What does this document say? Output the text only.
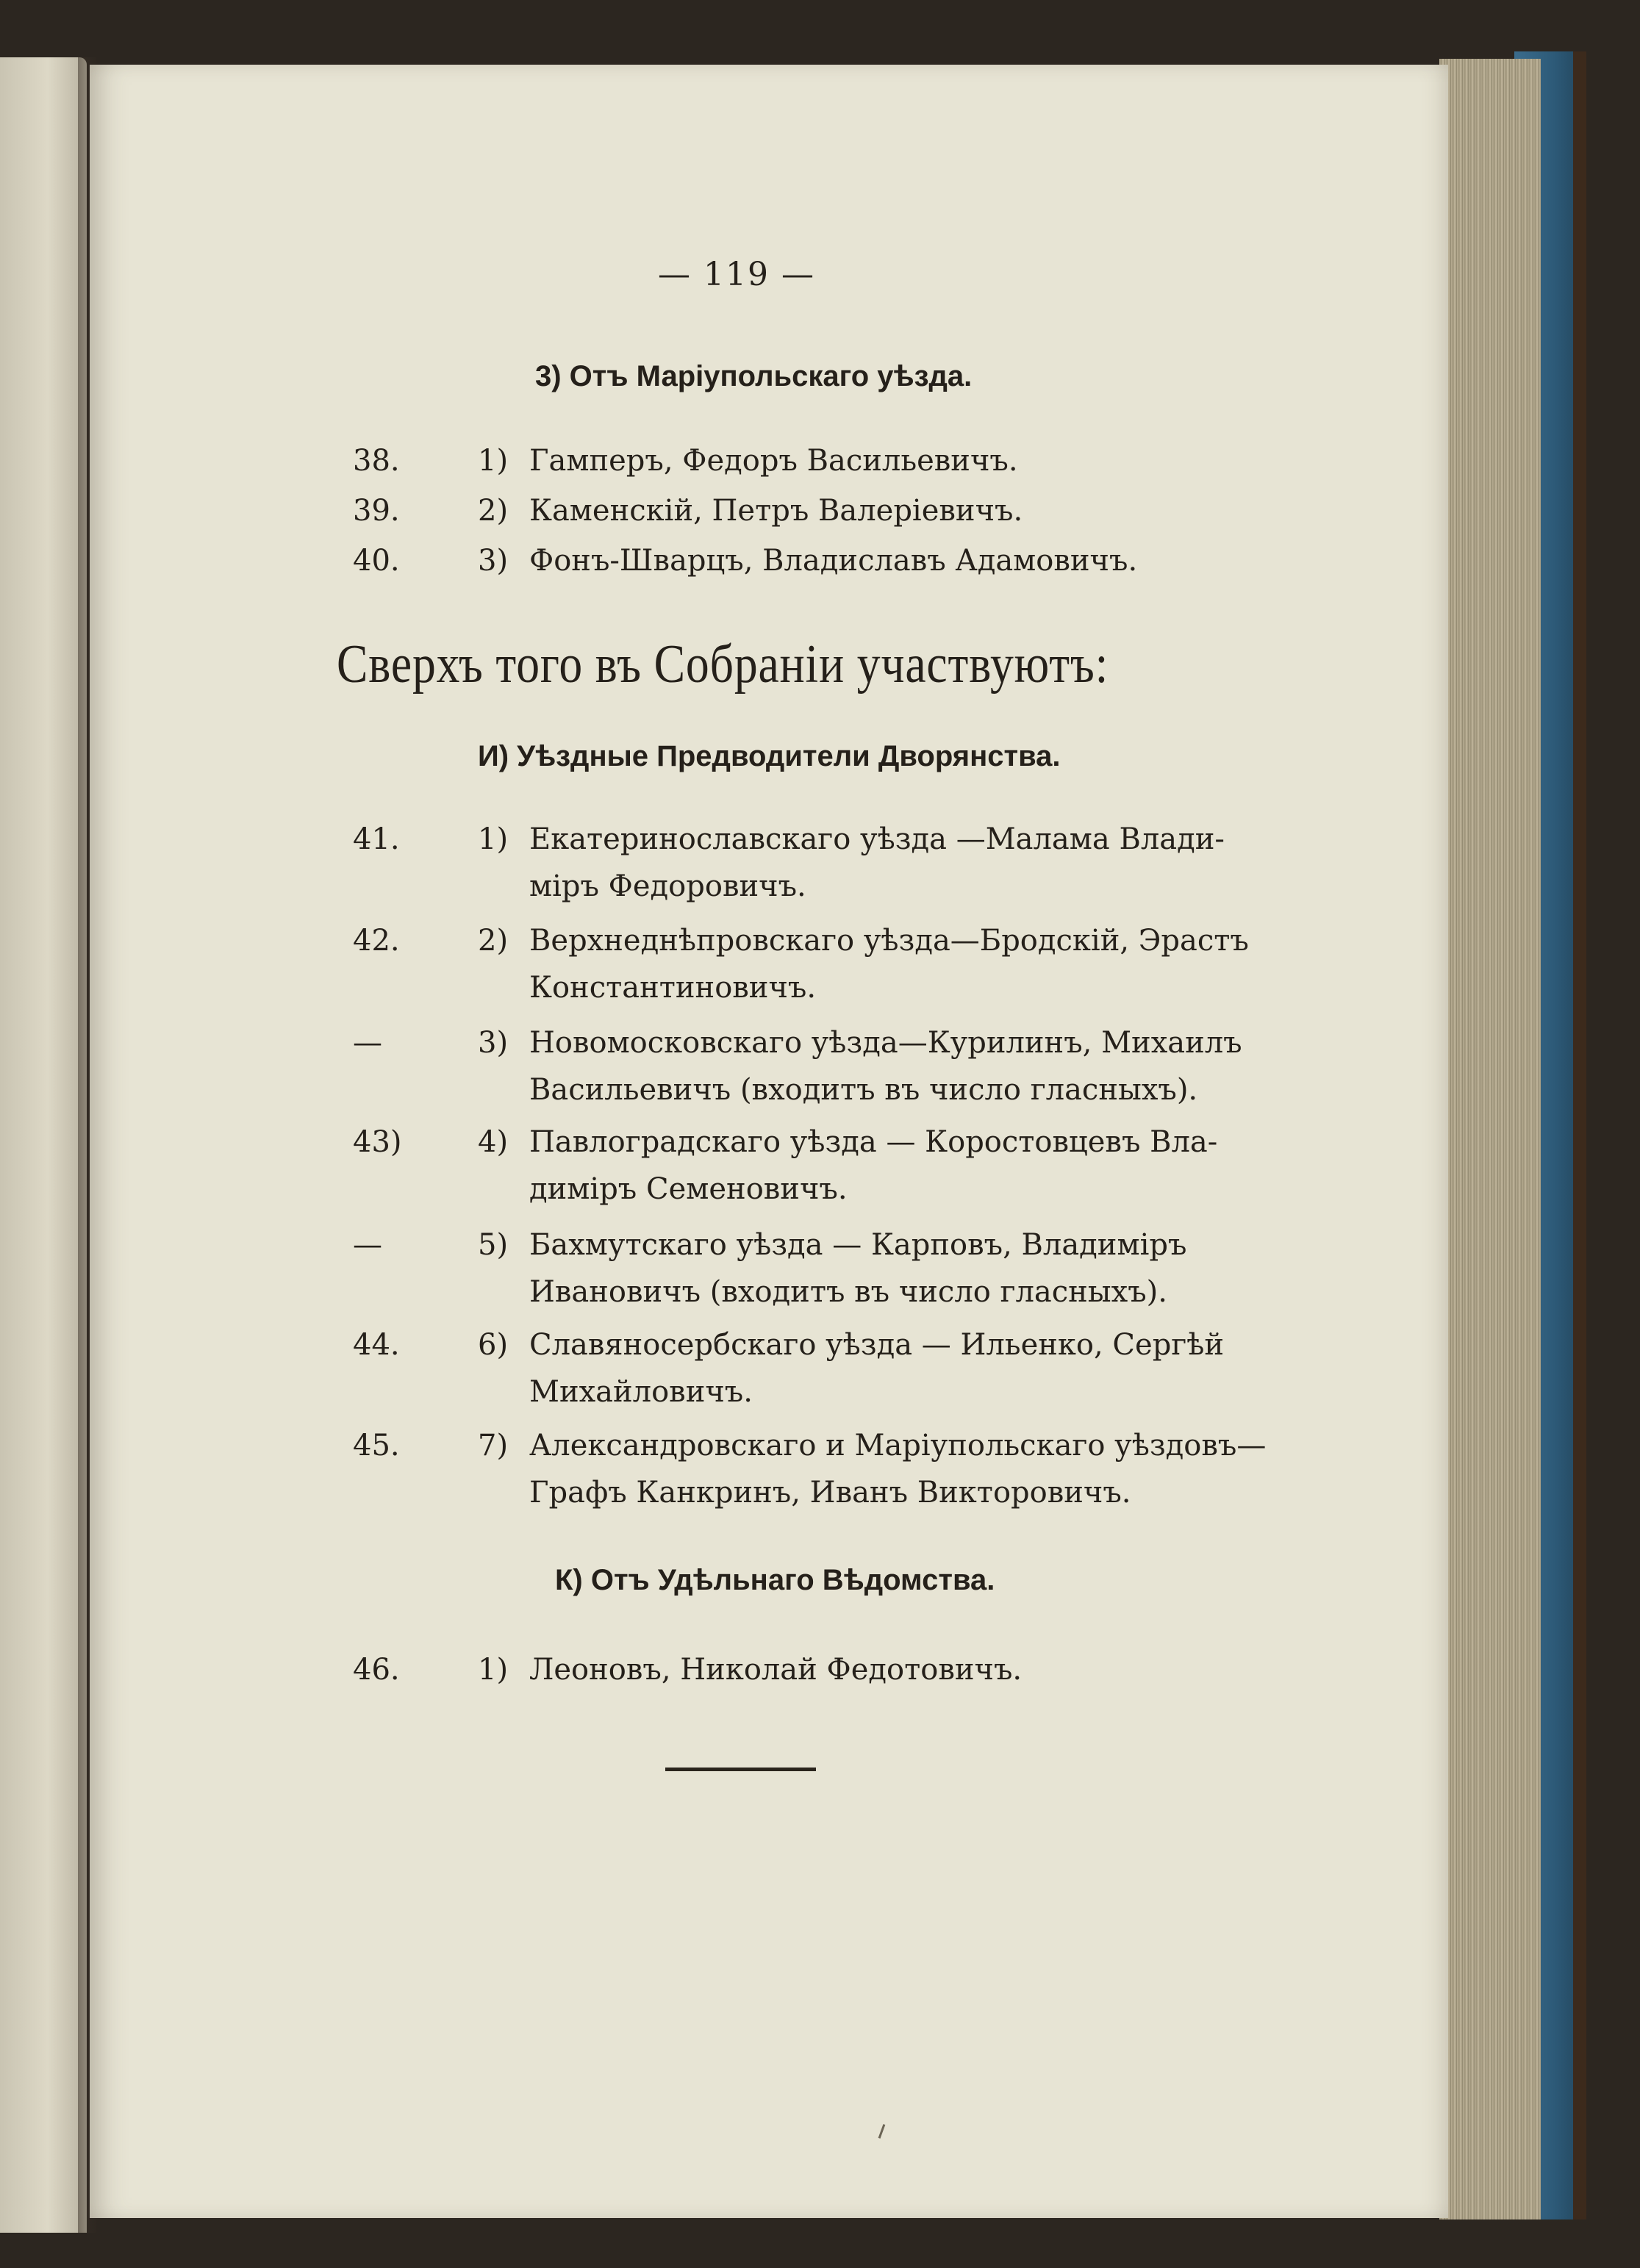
— 119 —
3) Отъ Маріупольскаго уѣзда.
38.	1) Гамперъ, Федоръ Васильевичъ.
39.	2) Каменскій, Петръ Валеріевичъ.
40.	3) Фонъ-Шварцъ, Владиславъ Адамовичъ.
Сверхъ того въ Собраніи участвуютъ:
И) Уѣздные Предводители Дворянства.
41.	1) Екатеринославскаго уѣзда —Малама Влади-
міръ Федоровичъ.
42.	2) Верхнеднѣпровскаго уѣзда—Бродскій, Эрастъ
Константиновичъ.
—	3) Новомосковскаго уѣзда—Курилинъ, Михаилъ
Васильевичъ (входитъ въ число гласныхъ).
43)	4) Павлоградскаго уѣзда — Коростовцевъ Вла-
диміръ Семеновичъ.
—	5) Бахмутскаго уѣзда — Карповъ, Владиміръ
Ивановичъ (входитъ въ число гласныхъ).
44.	6) Славяносербскаго уѣзда — Ильенко, Сергѣй
Михайловичъ.
45.	7) Александровскаго и Маріупольскаго уѣздовъ—
Графъ Канкринъ, Иванъ Викторовичъ.
К) Отъ Удѣльнаго Вѣдомства.
46.	1) Леоновъ, Николай Федотовичъ.
